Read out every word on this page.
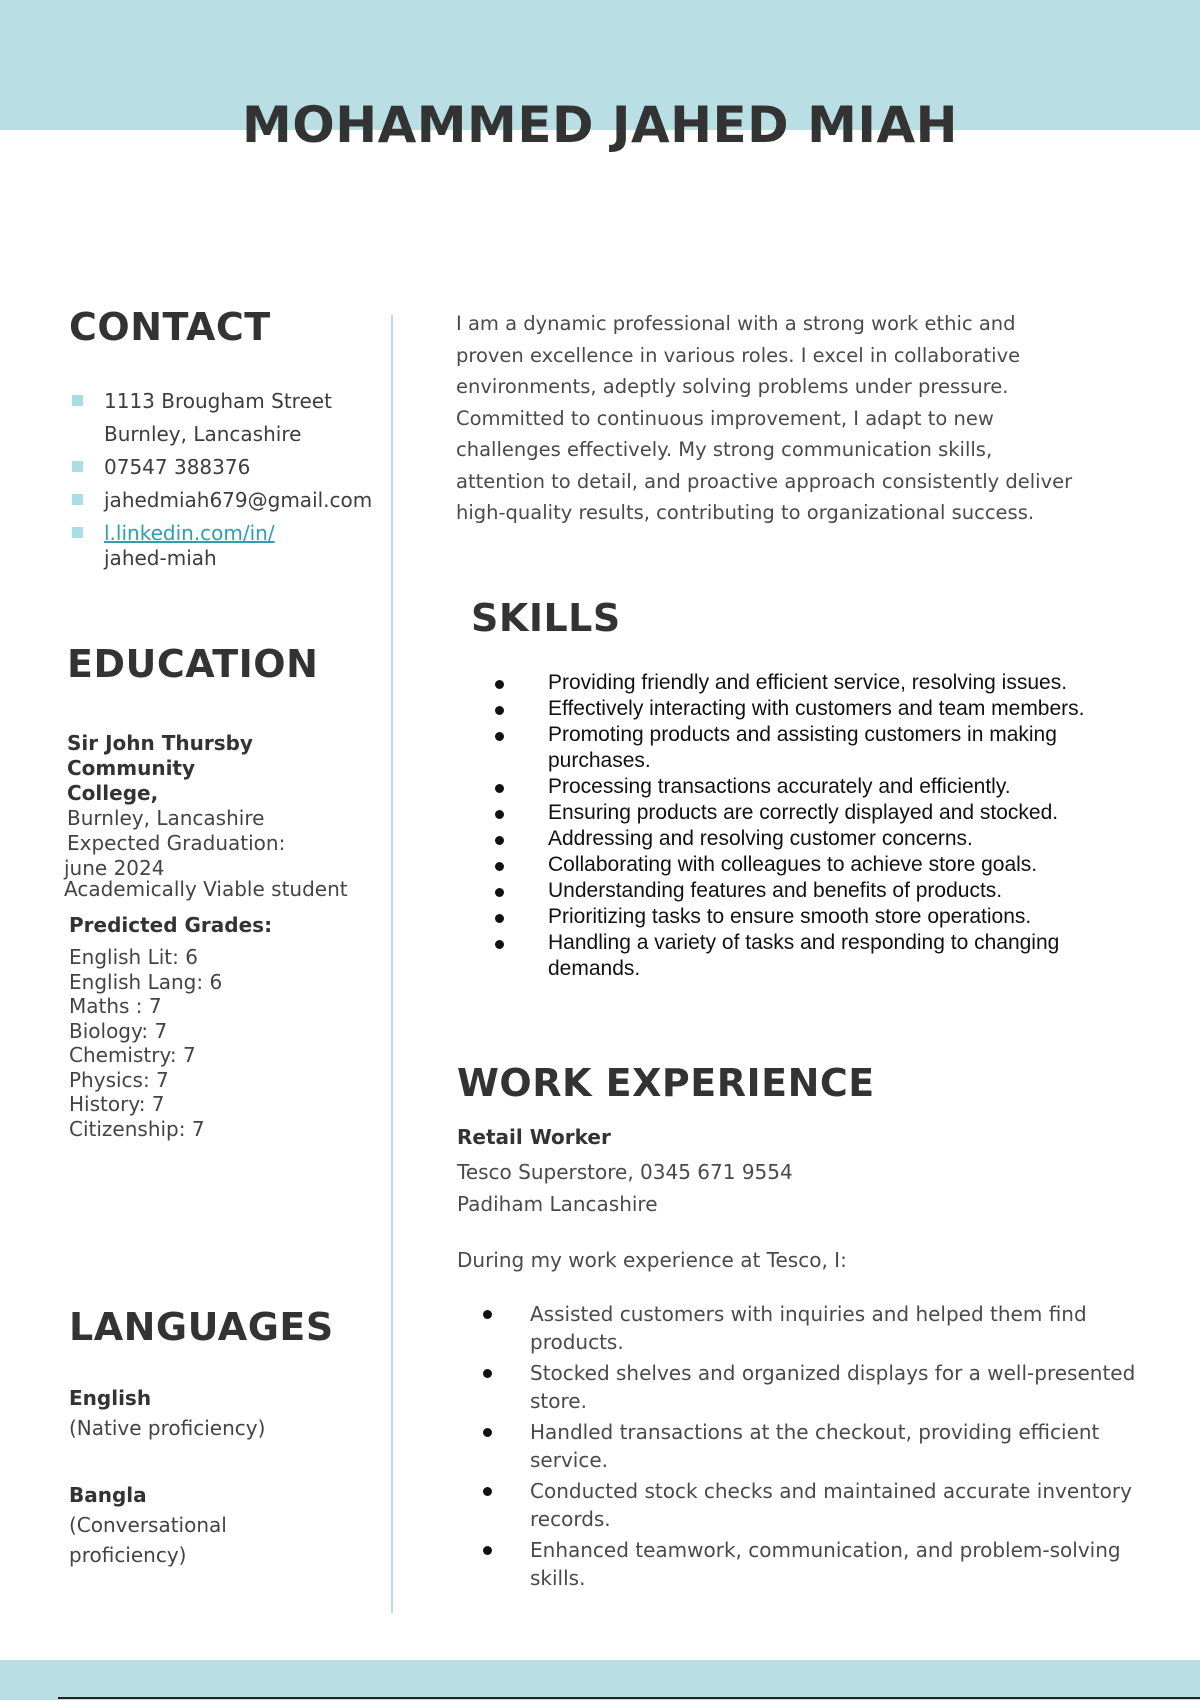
MOHAMMED JAHED MIAH
CONTACT
1113 Brougham Street
Burnley, Lancashire
07547 388376
jahedmiah679@gmail.com
l.linkedin.com/in/
jahed-miah
EDUCATION
Sir John Thursby Community
College,
Burnley, Lancashire
Expected Graduation:
june 2024
Academically Viable student
Predicted Grades:
English Lit: 6
English Lang: 6
Maths : 7
Biology: 7
Chemistry: 7
Physics: 7
History: 7
Citizenship: 7
LANGUAGES
English
(Native proficiency)
Bangla
(Conversational
proficiency)

I am a dynamic professional with a strong work ethic and proven excellence in various roles. I excel in collaborative environments, adeptly solving problems under pressure. Committed to continuous improvement, I adapt to new challenges effectively. My strong communication skills, attention to detail, and proactive approach consistently deliver high-quality results, contributing to organizational success.

SKILLS
Providing friendly and efficient service, resolving issues.
Effectively interacting with customers and team members.
Promoting products and assisting customers in making purchases.
Processing transactions accurately and efficiently.
Ensuring products are correctly displayed and stocked.
Addressing and resolving customer concerns.
Collaborating with colleagues to achieve store goals.
Understanding features and benefits of products.
Prioritizing tasks to ensure smooth store operations.
Handling a variety of tasks and responding to changing demands.
WORK EXPERIENCE
Retail Worker
Tesco Superstore, 0345 671 9554
Padiham Lancashire
During my work experience at Tesco, I:
Assisted customers with inquiries and helped them find products.
Stocked shelves and organized displays for a well-presented store.
Handled transactions at the checkout, providing efficient service.
Conducted stock checks and maintained accurate inventory records.
Enhanced teamwork, communication, and problem-solving skills.
